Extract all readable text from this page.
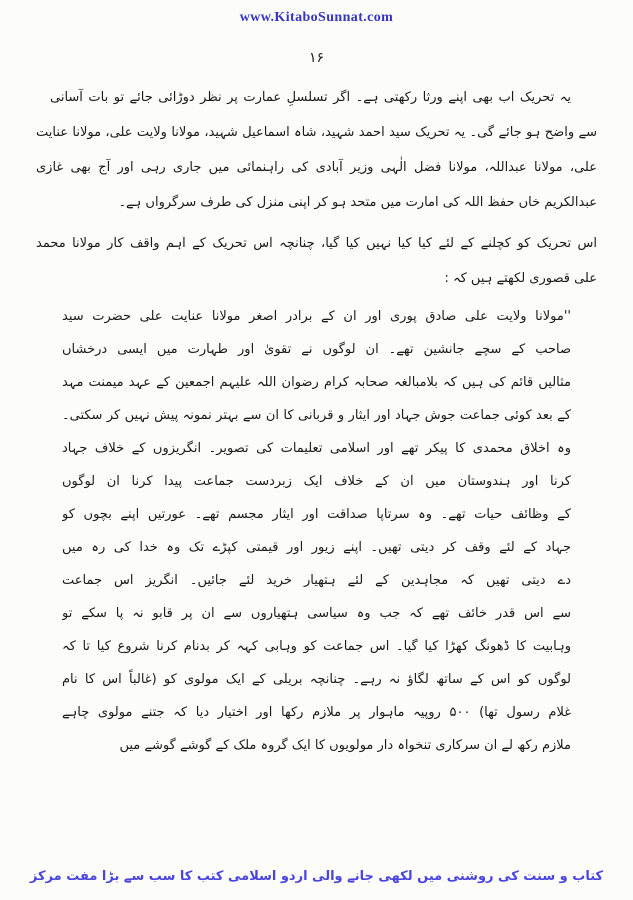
www.KitaboSunnat.com
۱۶
یہ تحریک اب بھی اپنے ورثا رکھتی ہے۔ اگر تسلسلِ عمارت پر نظر دوڑائی جائے تو بات آسانی
سے واضح ہو جائے گی۔ یہ تحریک سید احمد شہید، شاہ اسماعیل شہید، مولانا ولایت علی، مولانا عنایت
علی، مولانا عبداللہ، مولانا فضل الٰہی وزیر آبادی کی راہنمائی میں جاری رہی اور آج بھی غازی
عبدالکریم خاں حفظ اللہ کی امارت میں متحد ہو کر اپنی منزل کی طرف سرگرواں ہے۔
اس تحریک کو کچلنے کے لئے کیا کیا نہیں کیا گیا، چنانچہ اس تحریک کے اہم واقف کار مولانا محمد
علی قصوری لکھتے ہیں کہ :
''مولانا ولایت علی صادق پوری اور ان کے برادر اصغر مولانا عنایت علی حضرت سید
صاحب کے سچے جانشین تھے۔ ان لوگوں نے تقویٰ اور طہارت میں ایسی درخشاں
مثالیں قائم کی ہیں کہ بلامبالغہ صحابہ کرام رضوان اللہ علیہم اجمعین کے عہد میمنت مہد
کے بعد کوئی جماعت جوش جہاد اور ایثار و قربانی کا ان سے بہتر نمونہ پیش نہیں کر سکتی۔
وہ اخلاق محمدی کا پیکر تھے اور اسلامی تعلیمات کی تصویر۔ انگریزوں کے خلاف جہاد
کرنا اور ہندوستان میں ان کے خلاف ایک زبردست جماعت پیدا کرنا ان لوگوں
کے وظائف حیات تھے۔ وہ سرتاپا صداقت اور ایثار مجسم تھے۔ عورتیں اپنے بچوں کو
جہاد کے لئے وقف کر دیتی تھیں۔ اپنے زیور اور قیمتی کپڑے تک وہ خدا کی رہ میں
دے دیتی تھیں کہ مجاہدین کے لئے ہتھیار خرید لئے جائیں۔ انگریز اس جماعت
سے اس قدر خائف تھے کہ جب وہ سیاسی ہتھیاروں سے ان پر قابو نہ پا سکے تو
وہابیت کا ڈھونگ کھڑا کیا گیا۔ اس جماعت کو وہابی کہہ کر بدنام کرنا شروع کیا تا کہ
لوگوں کو اس کے ساتھ لگاؤ نہ رہے۔ چنانچہ بریلی کے ایک مولوی کو (غالباً اس کا نام
غلام رسول تھا) ۵۰۰ روپیہ ماہوار پر ملازم رکھا اور اختیار دیا کہ جتنے مولوی چاہے
ملازم رکھ لے ان سرکاری تنخواہ دار مولویوں کا ایک گروہ ملک کے گوشے گوشے میں
کتاب و سنت کی روشنی میں لکھی جانے والی اردو اسلامی کتب کا سب سے بڑا مفت مرکز
